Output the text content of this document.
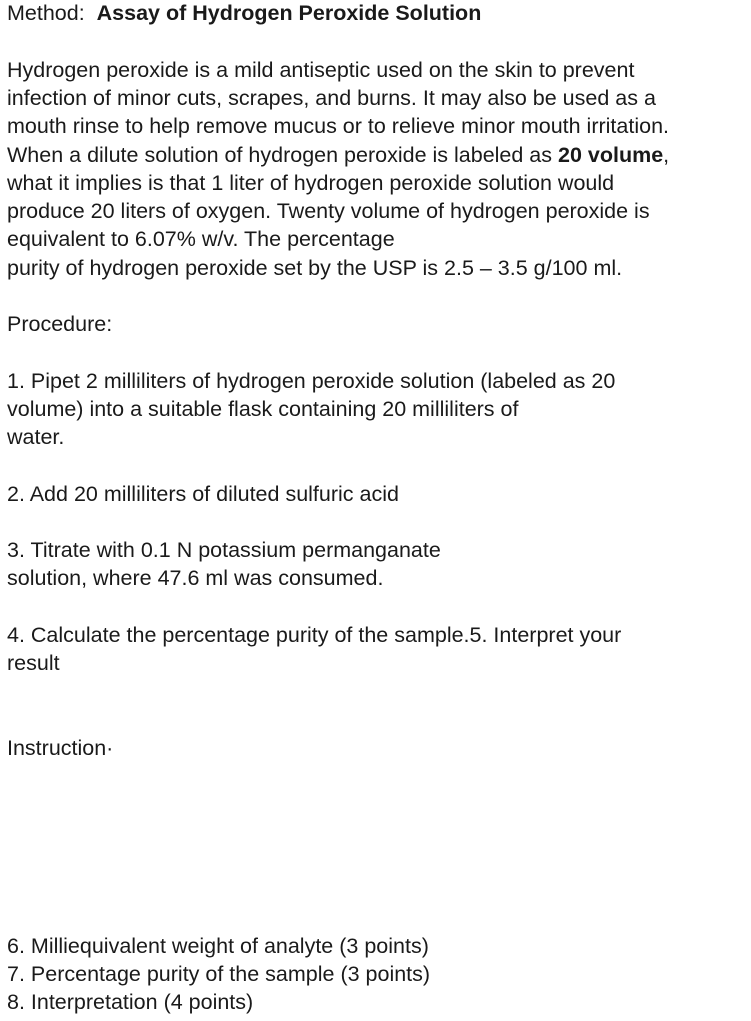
Method: Assay of Hydrogen Peroxide Solution
Hydrogen peroxide is a mild antiseptic used on the skin to prevent
infection of minor cuts, scrapes, and burns. It may also be used as a
mouth rinse to help remove mucus or to relieve minor mouth irritation.
When a dilute solution of hydrogen peroxide is labeled as 20 volume,
what it implies is that 1 liter of hydrogen peroxide solution would
produce 20 liters of oxygen. Twenty volume of hydrogen peroxide is
equivalent to 6.07% w/v. The percentage
purity of hydrogen peroxide set by the USP is 2.5 – 3.5 g/100 ml.
Procedure:
1. Pipet 2 milliliters of hydrogen peroxide solution (labeled as 20
volume) into a suitable flask containing 20 milliliters of
water.
2. Add 20 milliliters of diluted sulfuric acid
3. Titrate with 0.1 N potassium permanganate
solution, where 47.6 ml was consumed.
4. Calculate the percentage purity of the sample.5. Interpret your
result
Instruction·
6. Milliequivalent weight of analyte (3 points)
7. Percentage purity of the sample (3 points)
8. Interpretation (4 points)
